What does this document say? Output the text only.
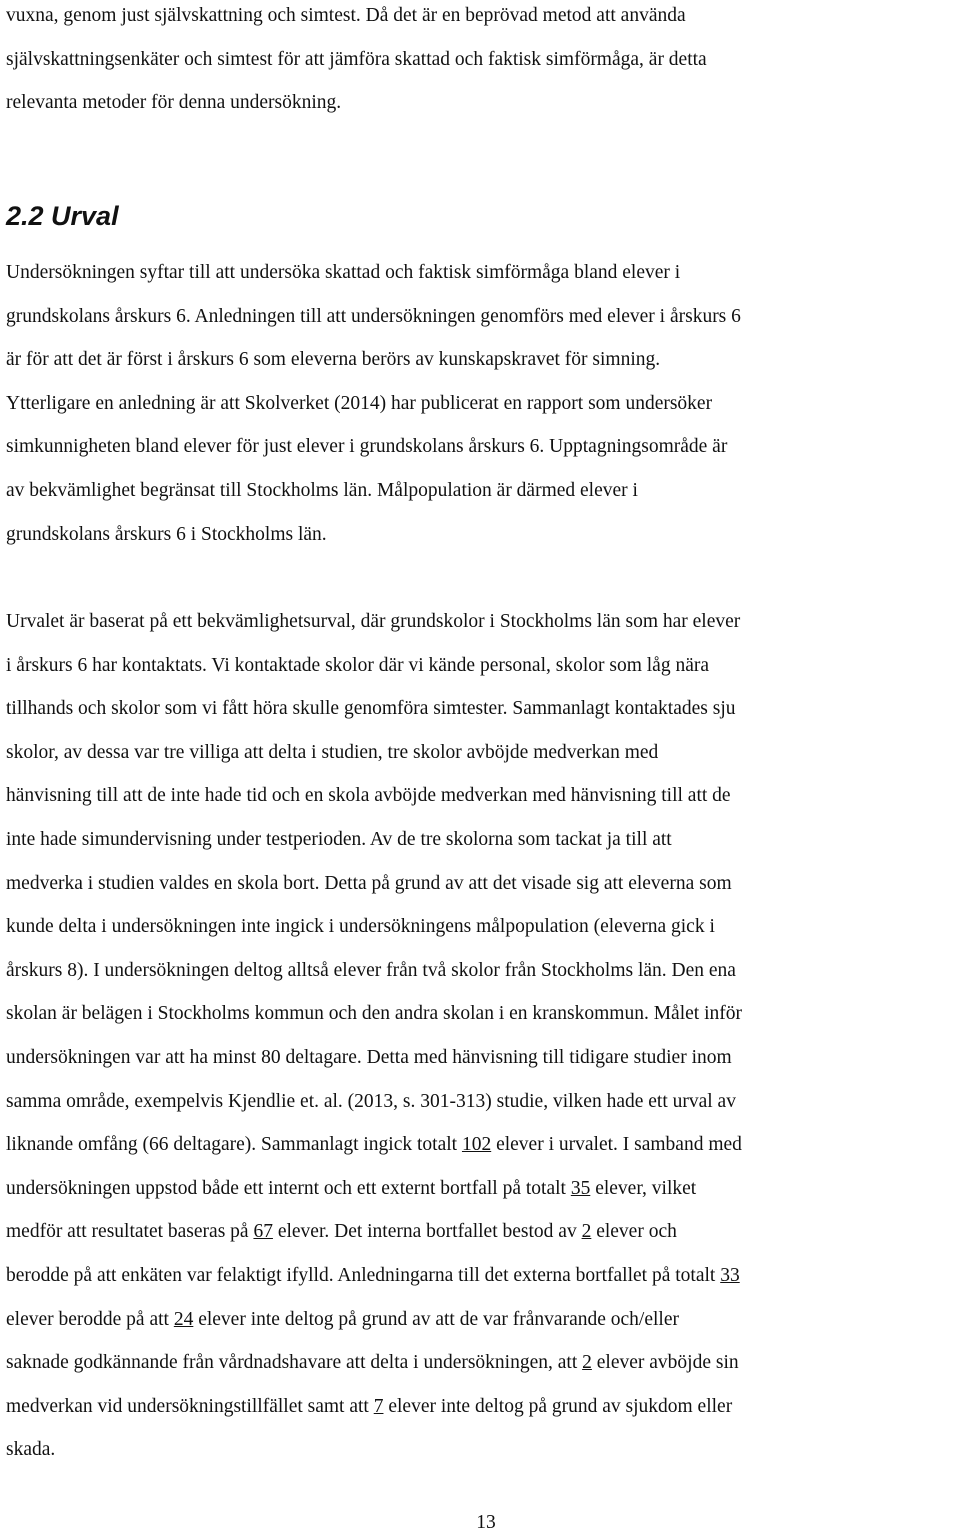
vuxna, genom just självskattning och simtest. Då det är en beprövad metod att använda
självskattningsenkäter och simtest för att jämföra skattad och faktisk simförmåga, är detta
relevanta metoder för denna undersökning.
2.2 Urval
Undersökningen syftar till att undersöka skattad och faktisk simförmåga bland elever i
grundskolans årskurs 6. Anledningen till att undersökningen genomförs med elever i årskurs 6
är för att det är först i årskurs 6 som eleverna berörs av kunskapskravet för simning.
Ytterligare en anledning är att Skolverket (2014) har publicerat en rapport som undersöker
simkunnigheten bland elever för just elever i grundskolans årskurs 6. Upptagningsområde är
av bekvämlighet begränsat till Stockholms län. Målpopulation är därmed elever i
grundskolans årskurs 6 i Stockholms län.
Urvalet är baserat på ett bekvämlighetsurval, där grundskolor i Stockholms län som har elever
i årskurs 6 har kontaktats. Vi kontaktade skolor där vi kände personal, skolor som låg nära
tillhands och skolor som vi fått höra skulle genomföra simtester. Sammanlagt kontaktades sju
skolor, av dessa var tre villiga att delta i studien, tre skolor avböjde medverkan med
hänvisning till att de inte hade tid och en skola avböjde medverkan med hänvisning till att de
inte hade simundervisning under testperioden. Av de tre skolorna som tackat ja till att
medverka i studien valdes en skola bort. Detta på grund av att det visade sig att eleverna som
kunde delta i undersökningen inte ingick i undersökningens målpopulation (eleverna gick i
årskurs 8). I undersökningen deltog alltså elever från två skolor från Stockholms län. Den ena
skolan är belägen i Stockholms kommun och den andra skolan i en kranskommun. Målet inför
undersökningen var att ha minst 80 deltagare. Detta med hänvisning till tidigare studier inom
samma område, exempelvis Kjendlie et. al. (2013, s. 301-313) studie, vilken hade ett urval av
liknande omfång (66 deltagare). Sammanlagt ingick totalt 102 elever i urvalet. I samband med
undersökningen uppstod både ett internt och ett externt bortfall på totalt 35 elever, vilket
medför att resultatet baseras på 67 elever. Det interna bortfallet bestod av 2 elever och
berodde på att enkäten var felaktigt ifylld. Anledningarna till det externa bortfallet på totalt 33
elever berodde på att 24 elever inte deltog på grund av att de var frånvarande och/eller
saknade godkännande från vårdnadshavare att delta i undersökningen, att 2 elever avböjde sin
medverkan vid undersökningstillfället samt att 7 elever inte deltog på grund av sjukdom eller
skada.
13
